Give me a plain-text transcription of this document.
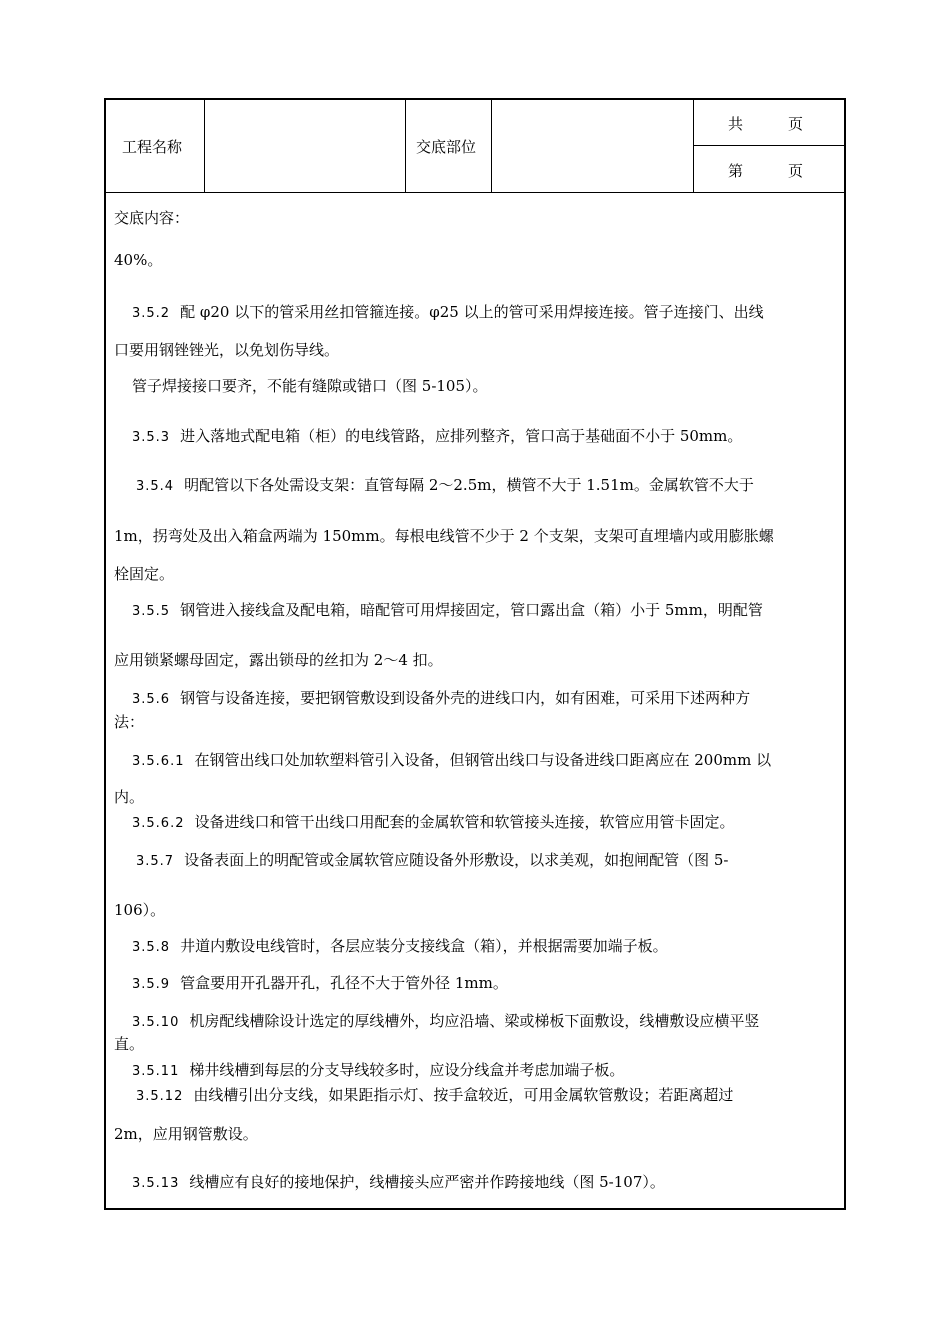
工程名称	交底部位
共　　　页
第　　　页
交底内容：
40%。
3.5.2 配 φ20 以下的管采用丝扣管箍连接。φ25 以上的管可采用焊接连接。管子连接门、出线
口要用钢锉锉光，以免划伤导线。
管子焊接接口要齐，不能有缝隙或错口（图 5-105）。
3.5.3 进入落地式配电箱（柜）的电线管路，应排列整齐，管口高于基础面不小于 50mm。
3.5.4 明配管以下各处需设支架：直管每隔 2～2.5m，横管不大于 1.51m。金属软管不大于
1m，拐弯处及出入箱盒两端为 150mm。每根电线管不少于 2 个支架，支架可直埋墙内或用膨胀螺
栓固定。
3.5.5 钢管进入接线盒及配电箱，暗配管可用焊接固定，管口露出盒（箱）小于 5mm，明配管
应用锁紧螺母固定，露出锁母的丝扣为 2～4 扣。
3.5.6 钢管与设备连接，要把钢管敷设到设备外壳的进线口内，如有困难，可采用下述两种方
法：
3.5.6.1 在钢管出线口处加软塑料管引入设备，但钢管出线口与设备进线口距离应在 200mm 以
内。
3.5.6.2 设备进线口和管干出线口用配套的金属软管和软管接头连接，软管应用管卡固定。
3.5.7 设备表面上的明配管或金属软管应随设备外形敷设，以求美观，如抱闸配管（图 5-
106）。
3.5.8 井道内敷设电线管时，各层应装分支接线盒（箱），并根据需要加端子板。
3.5.9 管盒要用开孔器开孔，孔径不大于管外径 1mm。
3.5.10 机房配线槽除设计选定的厚线槽外，均应沿墙、梁或梯板下面敷设，线槽敷设应横平竖
直。
3.5.11 梯井线槽到每层的分支导线较多时，应设分线盒并考虑加端子板。
3.5.12 由线槽引出分支线，如果距指示灯、按手盒较近，可用金属软管敷设；若距离超过
2m，应用钢管敷设。
3.5.13 线槽应有良好的接地保护，线槽接头应严密并作跨接地线（图 5-107）。
